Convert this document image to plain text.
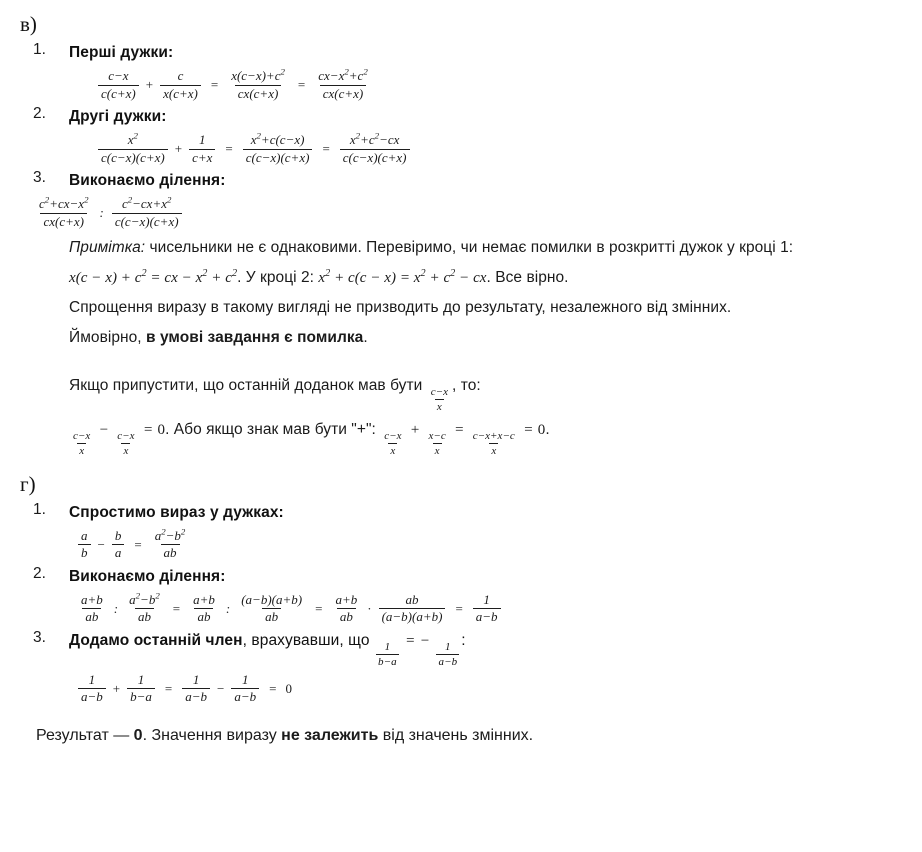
в)
1. Перші дужки:
$\frac{c-x}{c(c+x)} + \frac{c}{x(c+x)} = \frac{x(c-x)+c^2}{cx(c+x)} = \frac{cx-x^2+c^2}{cx(c+x)}$
2. Другі дужки:
$\frac{x^2}{c(c-x)(c+x)} + \frac{1}{c+x} = \frac{x^2+c(c-x)}{c(c-x)(c+x)} = \frac{x^2+c^2-cx}{c(c-x)(c+x)}$
3. Виконаємо ділення:
$\frac{c^2+cx-x^2}{cx(c+x)}$ : $\frac{c^2-cx+x^2}{c(c-x)(c+x)}$

Примітка: чисельники не є однаковими. Перевіримо, чи немає помилки в розкритті дужок у кроці 1: $x(c - x) + c^2$ = cx − $x^2 + c^2$. У кроці 2: $x^2 + c(c - x) = x^2 + c^2$ − cx. Все вірно.

Спрощення виразу в такому вигляді не призводить до результату, незалежного від змінних.

Ймовірно, в умові завдання є помилка.

Якщо припустити, що останній доданок мав бути
$\frac{c-x}{x}$
, то:

$\frac{c-x}{x} - \frac{c-x}{x} = 0$. Або якщо знак мав бути "+":
$\frac{c-x}{x} + \frac{x-c}{x} = \frac{c-x+x-c}{x} = 0$.
г)
1. Спростимо вираз у дужках:
$\frac{a}{b} - \frac{b}{a} = \frac{a^2-b^2}{ab}$
2. Виконаємо ділення:
$\frac{a+b}{ab}$ : $\frac{a^2-b^2}{ab} = \frac{a+b}{ab}$ : $\frac{(a-b)(a+b)}{ab} = \frac{a+b}{ab} \cdot \frac{ab}{(a-b)(a+b)} = \frac{1}{a-b}$
3. Додамо останній член, врахувавши, що
$\frac{1}{b-a}$ = − $\frac{1}{a-b}$
:
$\frac{1}{a-b} + \frac{1}{b-a} = \frac{1}{a-b} - \frac{1}{a-b} = 0$
Результат — 0. Значення виразу не залежить від значень змінних.
